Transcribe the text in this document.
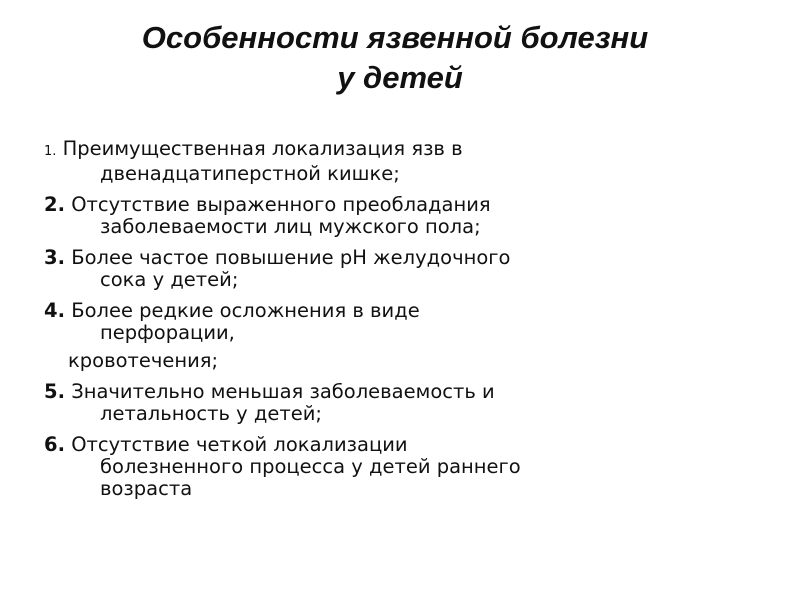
Особенности язвенной болезни
у детей
1. Преимущественная локализация язв в
двенадцатиперстной кишке;
2. Отсутствие выраженного преобладания
заболеваемости лиц мужского пола;
3. Более частое повышение pH желудочного
сока у детей;
4. Более редкие осложнения в виде
перфорации,
кровотечения;
5. Значительно меньшая заболеваемость и
летальность у детей;
6. Отсутствие четкой локализации
болезненного процесса у детей раннего
возраста
